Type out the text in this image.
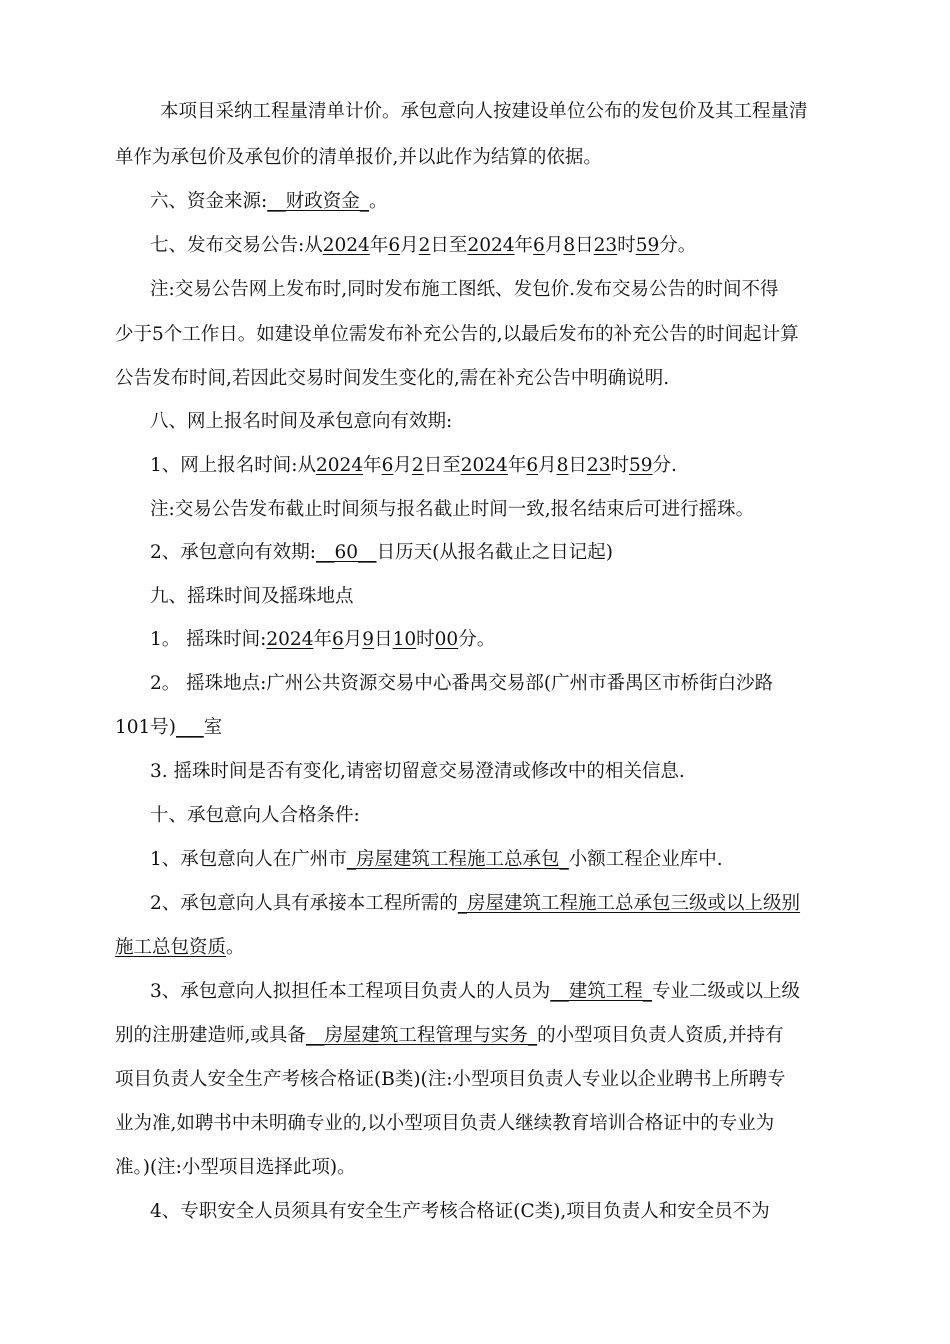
本项目采纳工程量清单计价。承包意向人按建设单位公布的发包价及其工程量清
单作为承包价及承包价的清单报价,并以此作为结算的依据。
六、资金来源:__财政资金_。
七、发布交易公告:从2024年6月2日至2024年6月8日23时59分。
注:交易公告网上发布时,同时发布施工图纸、发包价.发布交易公告的时间不得
少于5个工作日。如建设单位需发布补充公告的,以最后发布的补充公告的时间起计算
公告发布时间,若因此交易时间发生变化的,需在补充公告中明确说明.
八、网上报名时间及承包意向有效期:
1、网上报名时间:从2024年6月2日至2024年6月8日23时59分.
注:交易公告发布截止时间须与报名截止时间一致,报名结束后可进行摇珠。
2、承包意向有效期:__60__日历天(从报名截止之日记起)
九、摇珠时间及摇珠地点
1。 摇珠时间:2024年6月9日10时00分。
2。 摇珠地点:广州公共资源交易中心番禺交易部(广州市番禺区市桥街白沙路
101号)___室
3. 摇珠时间是否有变化,请密切留意交易澄清或修改中的相关信息.
十、承包意向人合格条件:
1、承包意向人在广州市_房屋建筑工程施工总承包_小额工程企业库中.
2、承包意向人具有承接本工程所需的_房屋建筑工程施工总承包三级或以上级别
施工总包资质。
3、承包意向人拟担任本工程项目负责人的人员为__建筑工程_专业二级或以上级
别的注册建造师,或具备__房屋建筑工程管理与实务_的小型项目负责人资质,并持有
项目负责人安全生产考核合格证(B类)(注:小型项目负责人专业以企业聘书上所聘专
业为准,如聘书中未明确专业的,以小型项目负责人继续教育培训合格证中的专业为
准。)(注:小型项目选择此项)。
4、专职安全人员须具有安全生产考核合格证(C类),项目负责人和安全员不为
